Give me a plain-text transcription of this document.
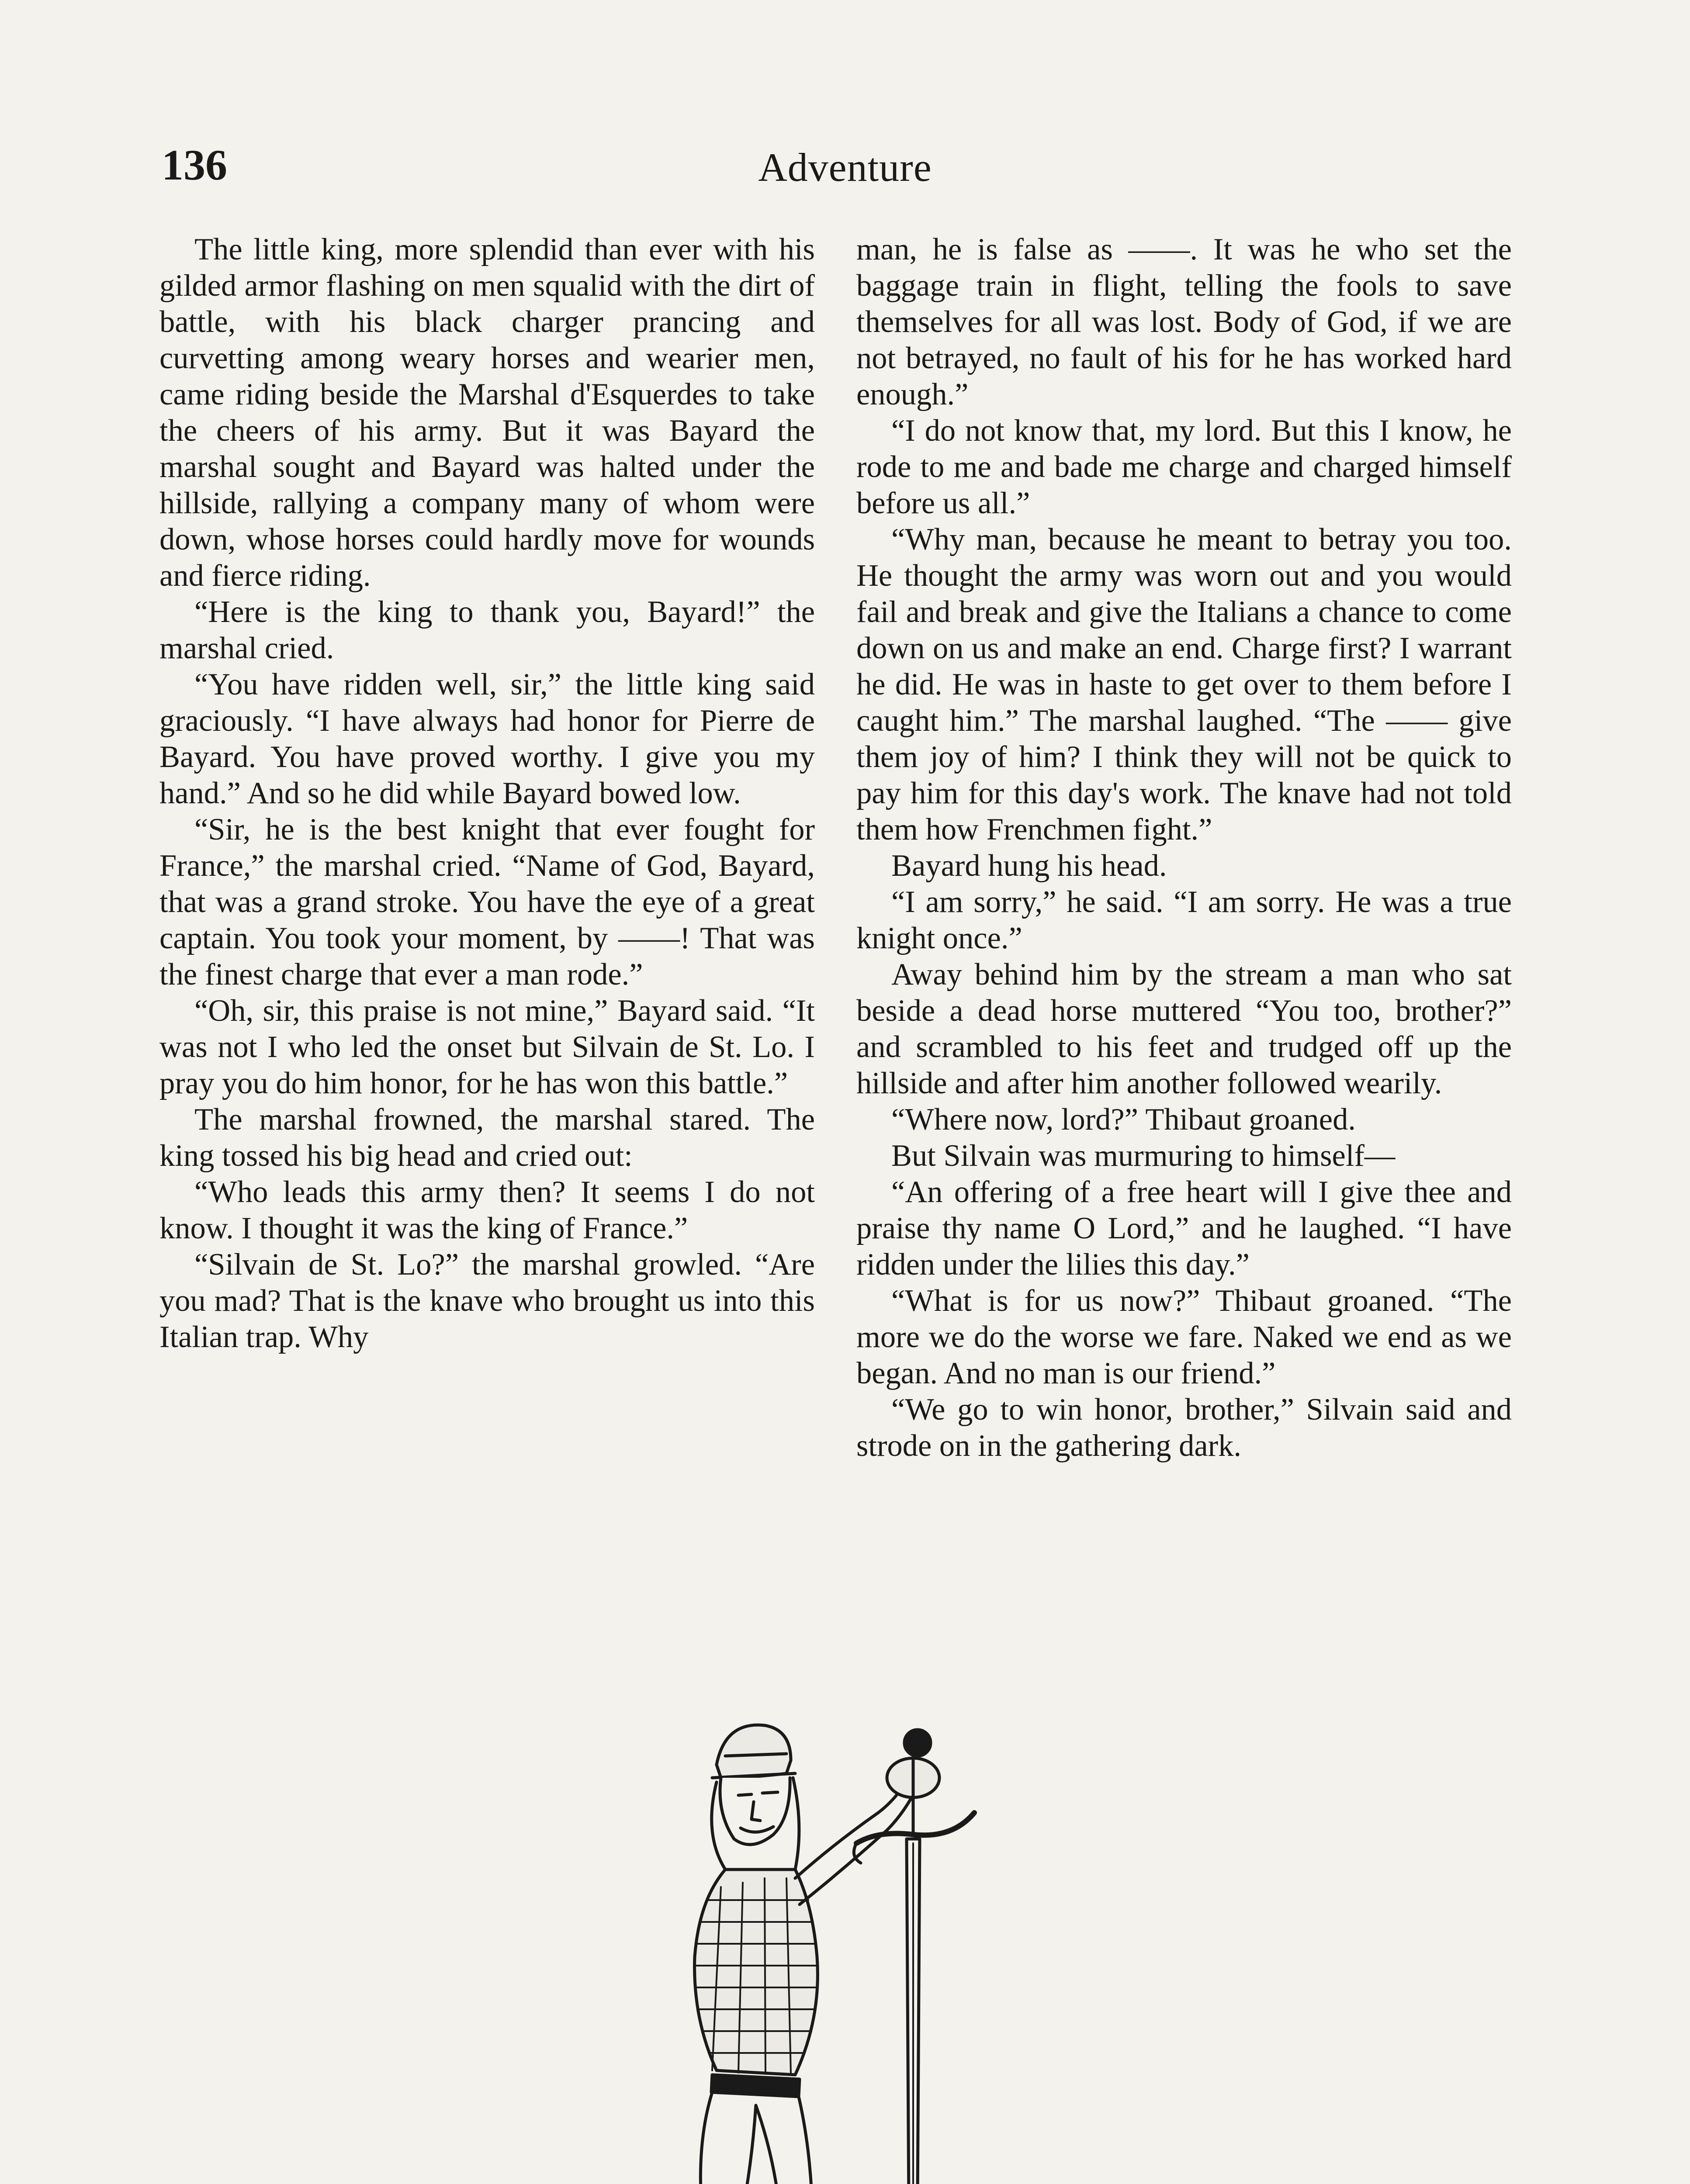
136	Adventure

The little king, more splendid than ever with his gilded armor flashing on men squalid with the dirt of battle, with his black charger prancing and curvetting among weary horses and wearier men, came riding beside the Marshal d'Esquerdes to take the cheers of his army. But it was Bayard the marshal sought and Bayard was halted under the hillside, rallying a company many of whom were down, whose horses could hardly move for wounds and fierce riding.

“Here is the king to thank you, Bayard!” the marshal cried.

“You have ridden well, sir,” the little king said graciously. “I have always had honor for Pierre de Bayard. You have proved worthy. I give you my hand.” And so he did while Bayard bowed low.

“Sir, he is the best knight that ever fought for France,” the marshal cried. “Name of God, Bayard, that was a grand stroke. You have the eye of a great captain. You took your moment, by ——! That was the finest charge that ever a man rode.”

“Oh, sir, this praise is not mine,” Bayard said. “It was not I who led the onset but Silvain de St. Lo. I pray you do him honor, for he has won this battle.”

The marshal frowned, the marshal stared. The king tossed his big head and cried out:

“Who leads this army then? It seems I do not know. I thought it was the king of France.”

“Silvain de St. Lo?” the marshal growled. “Are you mad? That is the knave who brought us into this Italian trap. Why

man, he is false as ——. It was he who set the baggage train in flight, telling the fools to save themselves for all was lost. Body of God, if we are not betrayed, no fault of his for he has worked hard enough.”

“I do not know that, my lord. But this I know, he rode to me and bade me charge and charged himself before us all.”

“Why man, because he meant to betray you too. He thought the army was worn out and you would fail and break and give the Italians a chance to come down on us and make an end. Charge first? I warrant he did. He was in haste to get over to them before I caught him.” The marshal laughed. “The —— give them joy of him? I think they will not be quick to pay him for this day's work. The knave had not told them how Frenchmen fight.”

Bayard hung his head.

“I am sorry,” he said. “I am sorry. He was a true knight once.”

Away behind him by the stream a man who sat beside a dead horse muttered “You too, brother?” and scrambled to his feet and trudged off up the hillside and after him another followed wearily.

“Where now, lord?” Thibaut groaned.

But Silvain was murmuring to himself—

“An offering of a free heart will I give thee and praise thy name O Lord,” and he laughed. “I have ridden under the lilies this day.”

“What is for us now?” Thibaut groaned. “The more we do the worse we fare. Naked we end as we began. And no man is our friend.”

“We go to win honor, brother,” Silvain said and strode on in the gathering dark.
